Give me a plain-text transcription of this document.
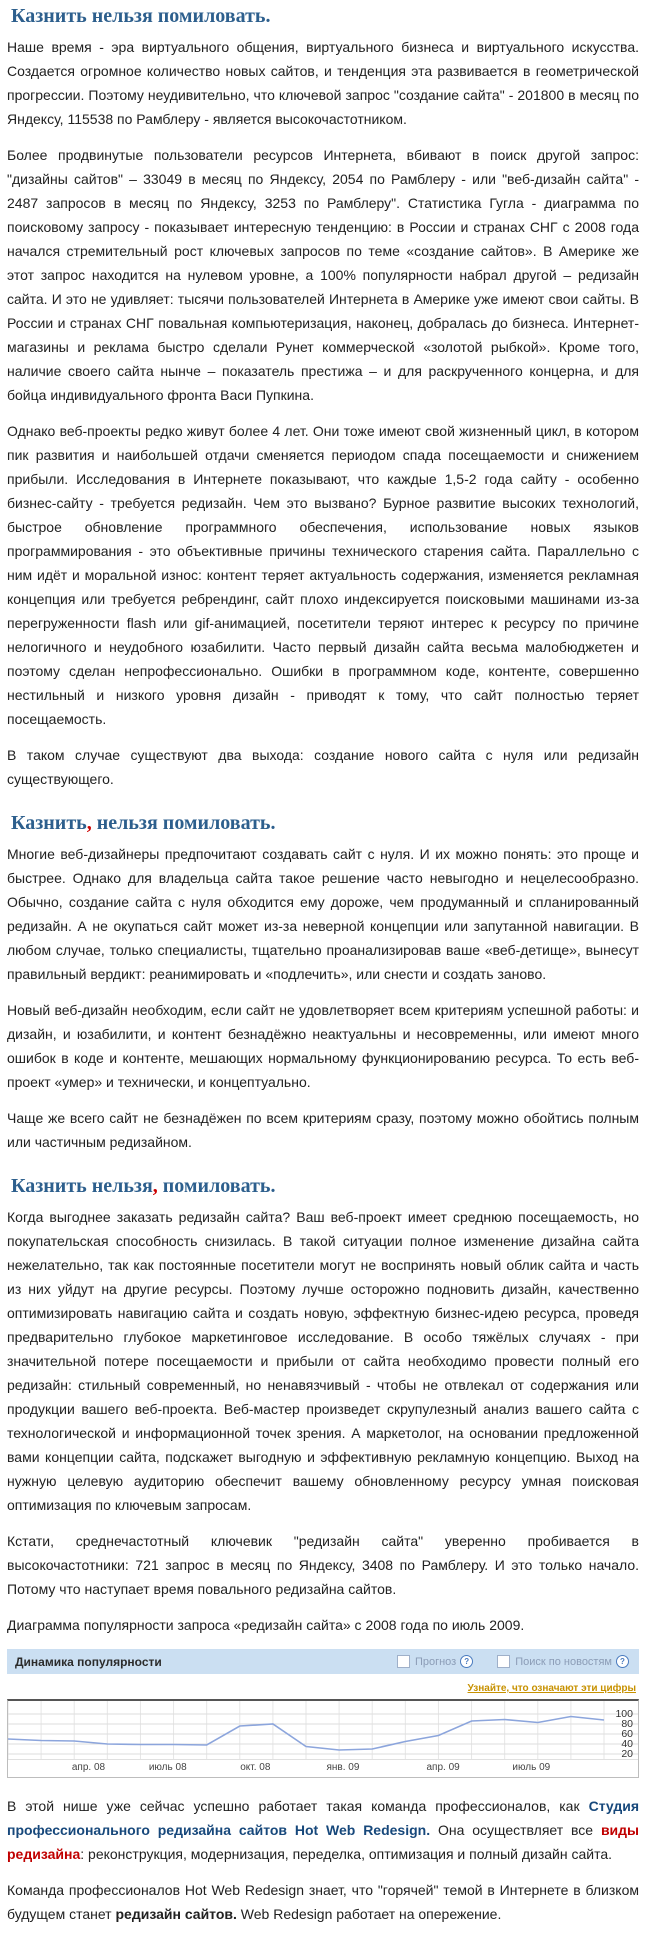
Казнить нельзя помиловать.

Наше время - эра виртуального общения, виртуального бизнеса и виртуального искусства. Создается огромное количество новых сайтов, и тенденция эта развивается в геометрической прогрессии. Поэтому неудивительно, что ключевой запрос "создание сайта" - 201800 в месяц по Яндексу, 115538 по Рамблеру - является высокочастотником.

Более продвинутые пользователи ресурсов Интернета, вбивают в поиск другой запрос: "дизайны сайтов" – 33049 в месяц по Яндексу, 2054 по Рамблеру - или "веб-дизайн сайта" - 2487 запросов в месяц по Яндексу, 3253 по Рамблеру". Статистика Гугла - диаграмма по поисковому запросу - показывает интересную тенденцию: в России и странах СНГ с 2008 года начался стремительный рост ключевых запросов по теме «создание сайтов». В Америке же этот запрос находится на нулевом уровне, а 100% популярности набрал другой – редизайн сайта. И это не удивляет: тысячи пользователей Интернета в Америке уже имеют свои сайты. В России и странах СНГ повальная компьютеризация, наконец, добралась до бизнеса. Интернет-магазины и реклама быстро сделали Рунет коммерческой «золотой рыбкой». Кроме того, наличие своего сайта нынче – показатель престижа – и для раскрученного концерна, и для бойца индивидуального фронта Васи Пупкина.

Однако веб-проекты редко живут более 4 лет. Они тоже имеют свой жизненный цикл, в котором пик развития и наибольшей отдачи сменяется периодом спада посещаемости и снижением прибыли. Исследования в Интернете показывают, что каждые 1,5-2 года сайту - особенно бизнес-сайту - требуется редизайн. Чем это вызвано? Бурное развитие высоких технологий, быстрое обновление программного обеспечения, использование новых языков программирования - это объективные причины технического старения сайта. Параллельно с ним идёт и моральной износ: контент теряет актуальность содержания, изменяется рекламная концепция или требуется ребрендинг, сайт плохо индексируется поисковыми машинами из-за перегруженности flash или gif-анимацией, посетители теряют интерес к ресурсу по причине нелогичного и неудобного юзабилити. Часто первый дизайн сайта весьма малобюджетен и поэтому сделан непрофессионально. Ошибки в программном коде, контенте, совершенно нестильный и низкого уровня дизайн - приводят к тому, что сайт полностью теряет посещаемость.

В таком случае существуют два выхода: создание нового сайта с нуля или редизайн существующего.

Казнить, нельзя помиловать.

Многие веб-дизайнеры предпочитают создавать сайт с нуля. И их можно понять: это проще и быстрее. Однако для владельца сайта такое решение часто невыгодно и нецелесообразно. Обычно, создание сайта с нуля обходится ему дороже, чем продуманный и спланированный редизайн. А не окупаться сайт может из-за неверной концепции или запутанной навигации. В любом случае, только специалисты, тщательно проанализировав ваше «веб-детище», вынесут правильный вердикт: реанимировать и «подлечить», или снести и создать заново.

Новый веб-дизайн необходим, если сайт не удовлетворяет всем критериям успешной работы: и дизайн, и юзабилити, и контент безнадёжно неактуальны и несовременны, или имеют много ошибок в коде и контенте, мешающих нормальному функционированию ресурса. То есть веб-проект «умер» и технически, и концептуально.

Чаще же всего сайт не безнадёжен по всем критериям сразу, поэтому можно обойтись полным или частичным редизайном.

Казнить нельзя, помиловать.

Когда выгоднее заказать редизайн сайта? Ваш веб-проект имеет среднюю посещаемость, но покупательская способность снизилась. В такой ситуации полное изменение дизайна сайта нежелательно, так как постоянные посетители могут не воспринять новый облик сайта и часть из них уйдут на другие ресурсы. Поэтому лучше осторожно подновить дизайн, качественно оптимизировать навигацию сайта и создать новую, эффектную бизнес-идею ресурса, проведя предварительно глубокое маркетинговое исследование. В особо тяжёлых случаях - при значительной потере посещаемости и прибыли от сайта необходимо провести полный его редизайн: стильный современный, но ненавязчивый - чтобы не отвлекал от содержания или продукции вашего веб-проекта. Веб-мастер произведет скрупулезный анализ вашего сайта с технологической и информационной точек зрения. А маркетолог, на основании предложенной вами концепции сайта, подскажет выгодную и эффективную рекламную концепцию. Выход на нужную целевую аудиторию обеспечит вашему обновленному ресурсу умная поисковая оптимизация по ключевым запросам.

Кстати, среднечастотный ключевик "редизайн сайта" уверенно пробивается в высокочастотники: 721 запрос в месяц по Яндексу, 3408 по Рамблеру. И это только начало. Потому что наступает время повального редизайна сайтов.

Диаграмма популярности запроса «редизайн сайта» с 2008 года по июль 2009.

Динамика популярности	Прогноз	?	Поиск по новостям	?
Узнайте, что означают эти цифры
100
80
60
40
20
апр. 08	июль 08	окт. 08	янв. 09	апр. 09	июль 09

В этой нише уже сейчас успешно работает такая команда профессионалов, как Студия профессионального редизайна сайтов Hot Web Redesign. Она осуществляет все виды редизайна: реконструкция, модернизация, переделка, оптимизация и полный дизайн сайта.

Команда профессионалов Hot Web Redesign знает, что "горячей" темой в Интернете в близком будущем станет редизайн сайтов. Web Redesign работает на опережение.
